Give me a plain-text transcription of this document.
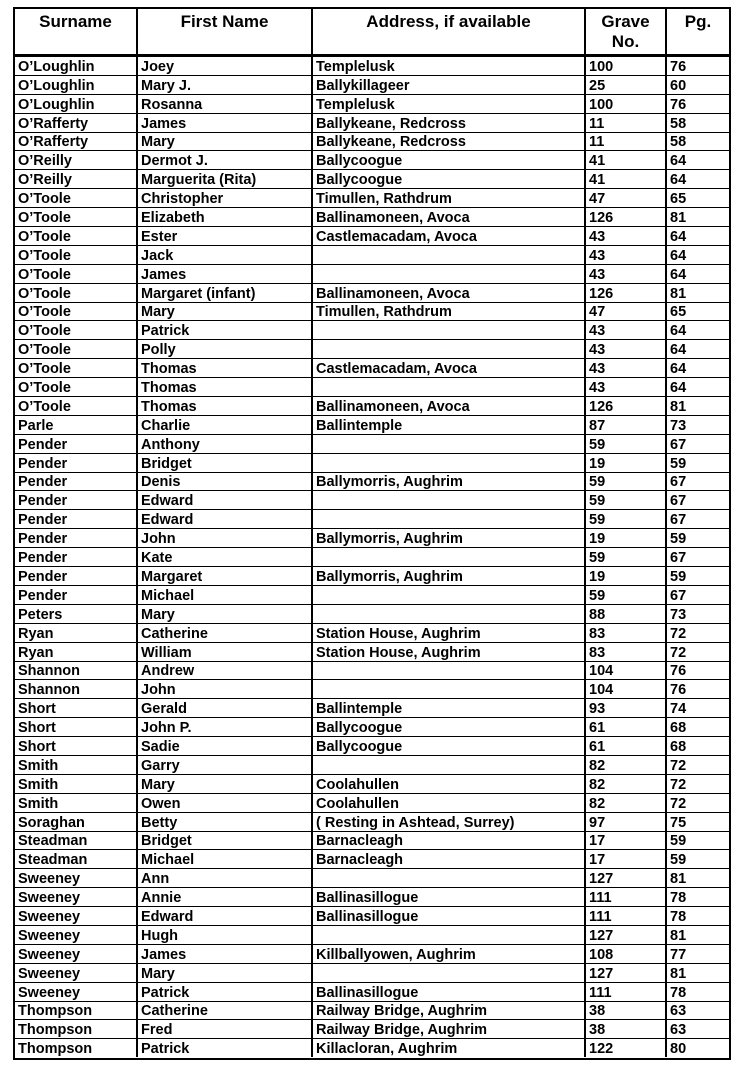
Surname	First Name	Address, if available	Grave No.	Pg.
O’Loughlin	Joey	Templelusk	100	76
O’Loughlin	Mary J.	Ballykillageer	25	60
O’Loughlin	Rosanna	Templelusk	100	76
O’Rafferty	James	Ballykeane, Redcross	11	58
O’Rafferty	Mary	Ballykeane, Redcross	11	58
O’Reilly	Dermot J.	Ballycoogue	41	64
O’Reilly	Marguerita (Rita)	Ballycoogue	41	64
O’Toole	Christopher	Timullen, Rathdrum	47	65
O’Toole	Elizabeth	Ballinamoneen, Avoca	126	81
O’Toole	Ester	Castlemacadam, Avoca	43	64
O’Toole	Jack		43	64
O’Toole	James		43	64
O’Toole	Margaret (infant)	Ballinamoneen, Avoca	126	81
O’Toole	Mary	Timullen, Rathdrum	47	65
O’Toole	Patrick		43	64
O’Toole	Polly		43	64
O’Toole	Thomas	Castlemacadam, Avoca	43	64
O’Toole	Thomas		43	64
O’Toole	Thomas	Ballinamoneen, Avoca	126	81
Parle	Charlie	Ballintemple	87	73
Pender	Anthony		59	67
Pender	Bridget		19	59
Pender	Denis	Ballymorris, Aughrim	59	67
Pender	Edward		59	67
Pender	Edward		59	67
Pender	John	Ballymorris, Aughrim	19	59
Pender	Kate		59	67
Pender	Margaret	Ballymorris, Aughrim	19	59
Pender	Michael		59	67
Peters	Mary		88	73
Ryan	Catherine	Station House, Aughrim	83	72
Ryan	William	Station House, Aughrim	83	72
Shannon	Andrew		104	76
Shannon	John		104	76
Short	Gerald	Ballintemple	93	74
Short	John P.	Ballycoogue	61	68
Short	Sadie	Ballycoogue	61	68
Smith	Garry		82	72
Smith	Mary	Coolahullen	82	72
Smith	Owen	Coolahullen	82	72
Soraghan	Betty	( Resting in Ashtead, Surrey)	97	75
Steadman	Bridget	Barnacleagh	17	59
Steadman	Michael	Barnacleagh	17	59
Sweeney	Ann		127	81
Sweeney	Annie	Ballinasillogue	111	78
Sweeney	Edward	Ballinasillogue	111	78
Sweeney	Hugh		127	81
Sweeney	James	Killballyowen, Aughrim	108	77
Sweeney	Mary		127	81
Sweeney	Patrick	Ballinasillogue	111	78
Thompson	Catherine	Railway Bridge, Aughrim	38	63
Thompson	Fred	Railway Bridge, Aughrim	38	63
Thompson	Patrick	Killacloran, Aughrim	122	80
